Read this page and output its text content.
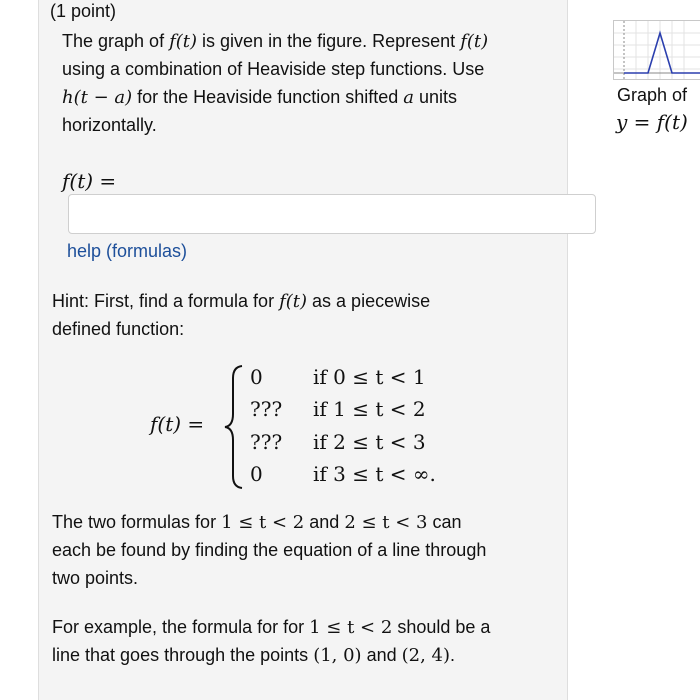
(1 point)
The graph of f(t) is given in the figure. Represent f(t)
using a combination of Heaviside step functions. Use
h(t − a) for the Heaviside function shifted a units
horizontally.
f(t) =
help (formulas)
Hint: First, find a formula for f(t) as a piecewise
defined function:
f(t) =
0	if 0 ≤ t < 1
??? if 1 ≤ t < 2
??? if 2 ≤ t < 3
0	if 3 ≤ t < ∞.
The two formulas for 1 ≤ t < 2 and 2 ≤ t < 3 can
each be found by finding the equation of a line through
two points.
For example, the formula for for 1 ≤ t < 2 should be a
line that goes through the points (1, 0) and (2, 4).
Graph of
y = f(t)
